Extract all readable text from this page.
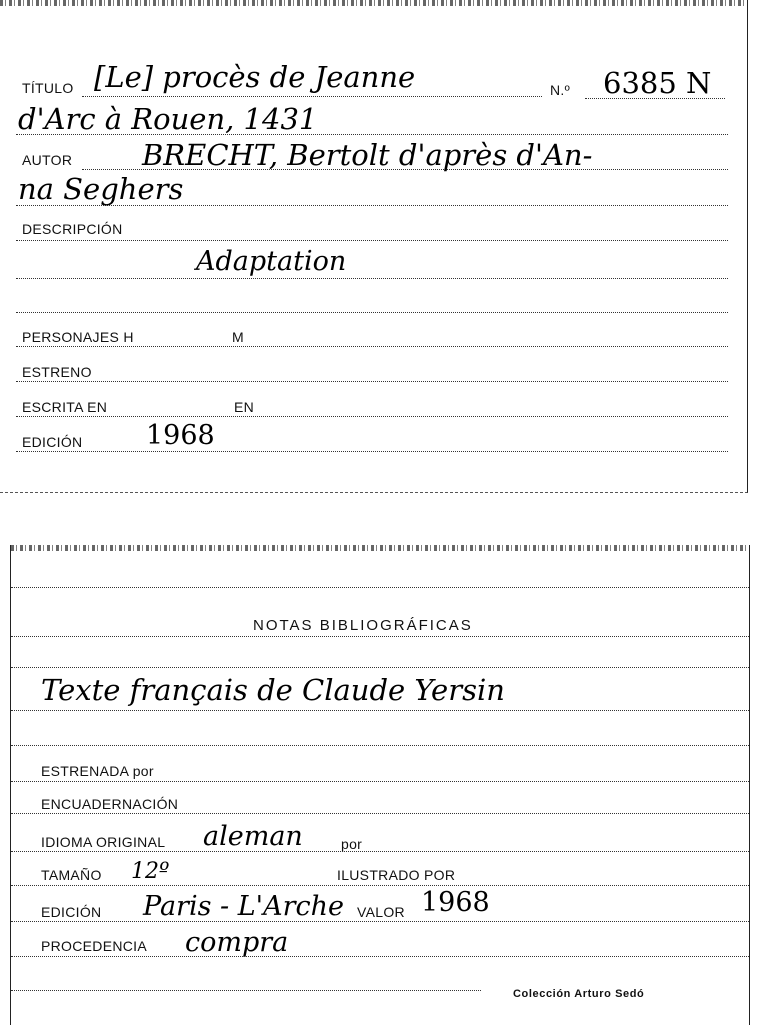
TÍTULO [Le] procès de Jeanne	N.º 6385 N
d'Arc à Rouen, 1431
AUTOR BRECHT, Bertolt d'après d'An-
na Seghers
DESCRIPCIÓN
Adaptation
PERSONAJES H	M
ESTRENO
ESCRITA EN	EN
EDICIÓN 1968
NOTAS BIBLIOGRÁFICAS
Texte français de Claude Yersin
ESTRENADA por
ENCUADERNACIÓN
IDIOMA ORIGINAL aleman	por
TAMAÑO 12º	ILUSTRADO POR
EDICIÓN Paris - L'Arche VALOR 1968
PROCEDENCIA compra
Colección Arturo Sedó
